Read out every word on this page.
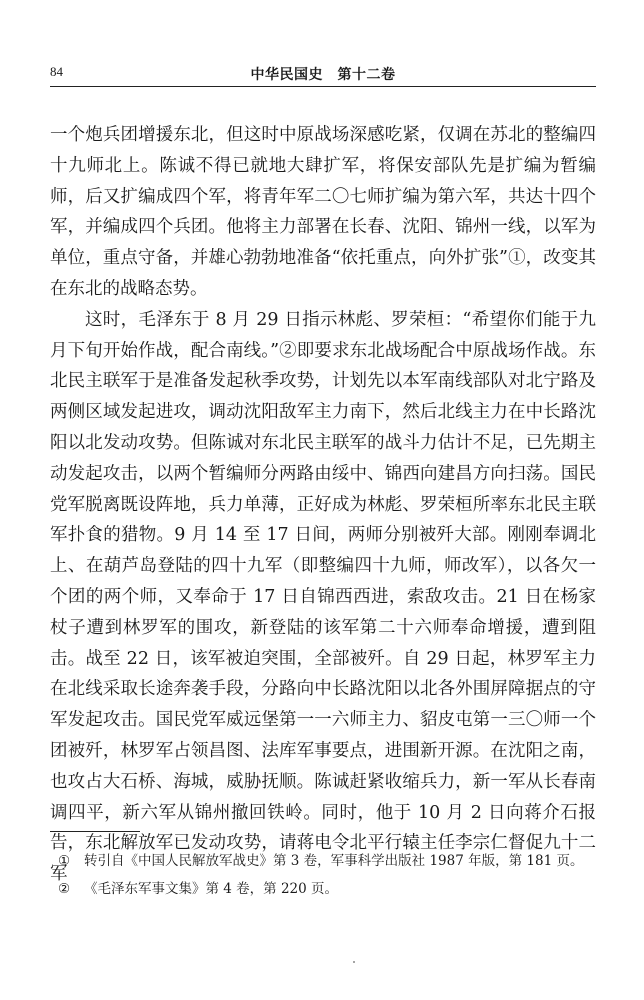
84	中华民国史　第十二卷

一个炮兵团增援东北，但这时中原战场深感吃紧，仅调在苏北的整编四十九师北上。陈诚不得已就地大肆扩军，将保安部队先是扩编为暂编师，后又扩编成四个军，将青年军二〇七师扩编为第六军，共达十四个军，并编成四个兵团。他将主力部署在长春、沈阳、锦州一线，以军为单位，重点守备，并雄心勃勃地准备“依托重点，向外扩张”①，改变其在东北的战略态势。

这时，毛泽东于 8 月 29 日指示林彪、罗荣桓：“希望你们能于九月下旬开始作战，配合南线。”②即要求东北战场配合中原战场作战。东北民主联军于是准备发起秋季攻势，计划先以本军南线部队对北宁路及两侧区域发起进攻，调动沈阳敌军主力南下，然后北线主力在中长路沈阳以北发动攻势。但陈诚对东北民主联军的战斗力估计不足，已先期主动发起攻击，以两个暂编师分两路由绥中、锦西向建昌方向扫荡。国民党军脱离既设阵地，兵力单薄，正好成为林彪、罗荣桓所率东北民主联军扑食的猎物。9 月 14 至 17 日间，两师分别被歼大部。刚刚奉调北上、在葫芦岛登陆的四十九军（即整编四十九师，师改军），以各欠一个团的两个师，又奉命于 17 日自锦西西进，索敌攻击。21 日在杨家杖子遭到林罗军的围攻，新登陆的该军第二十六师奉命增援，遭到阻击。战至 22 日，该军被迫突围，全部被歼。自 29 日起，林罗军主力在北线采取长途奔袭手段，分路向中长路沈阳以北各外围屏障据点的守军发起攻击。国民党军威远堡第一一六师主力、貂皮屯第一三〇师一个团被歼，林罗军占领昌图、法库军事要点，进围新开源。在沈阳之南，也攻占大石桥、海城，威胁抚顺。陈诚赶紧收缩兵力，新一军从长春南调四平，新六军从锦州撤回铁岭。同时，他于 10 月 2 日向蒋介石报告，东北解放军已发动攻势，请蒋电令北平行辕主任李宗仁督促九十二军

①	转引自《中国人民解放军战史》第 3 卷，军事科学出版社 1987 年版，第 181 页。
②	《毛泽东军事文集》第 4 卷，第 220 页。
